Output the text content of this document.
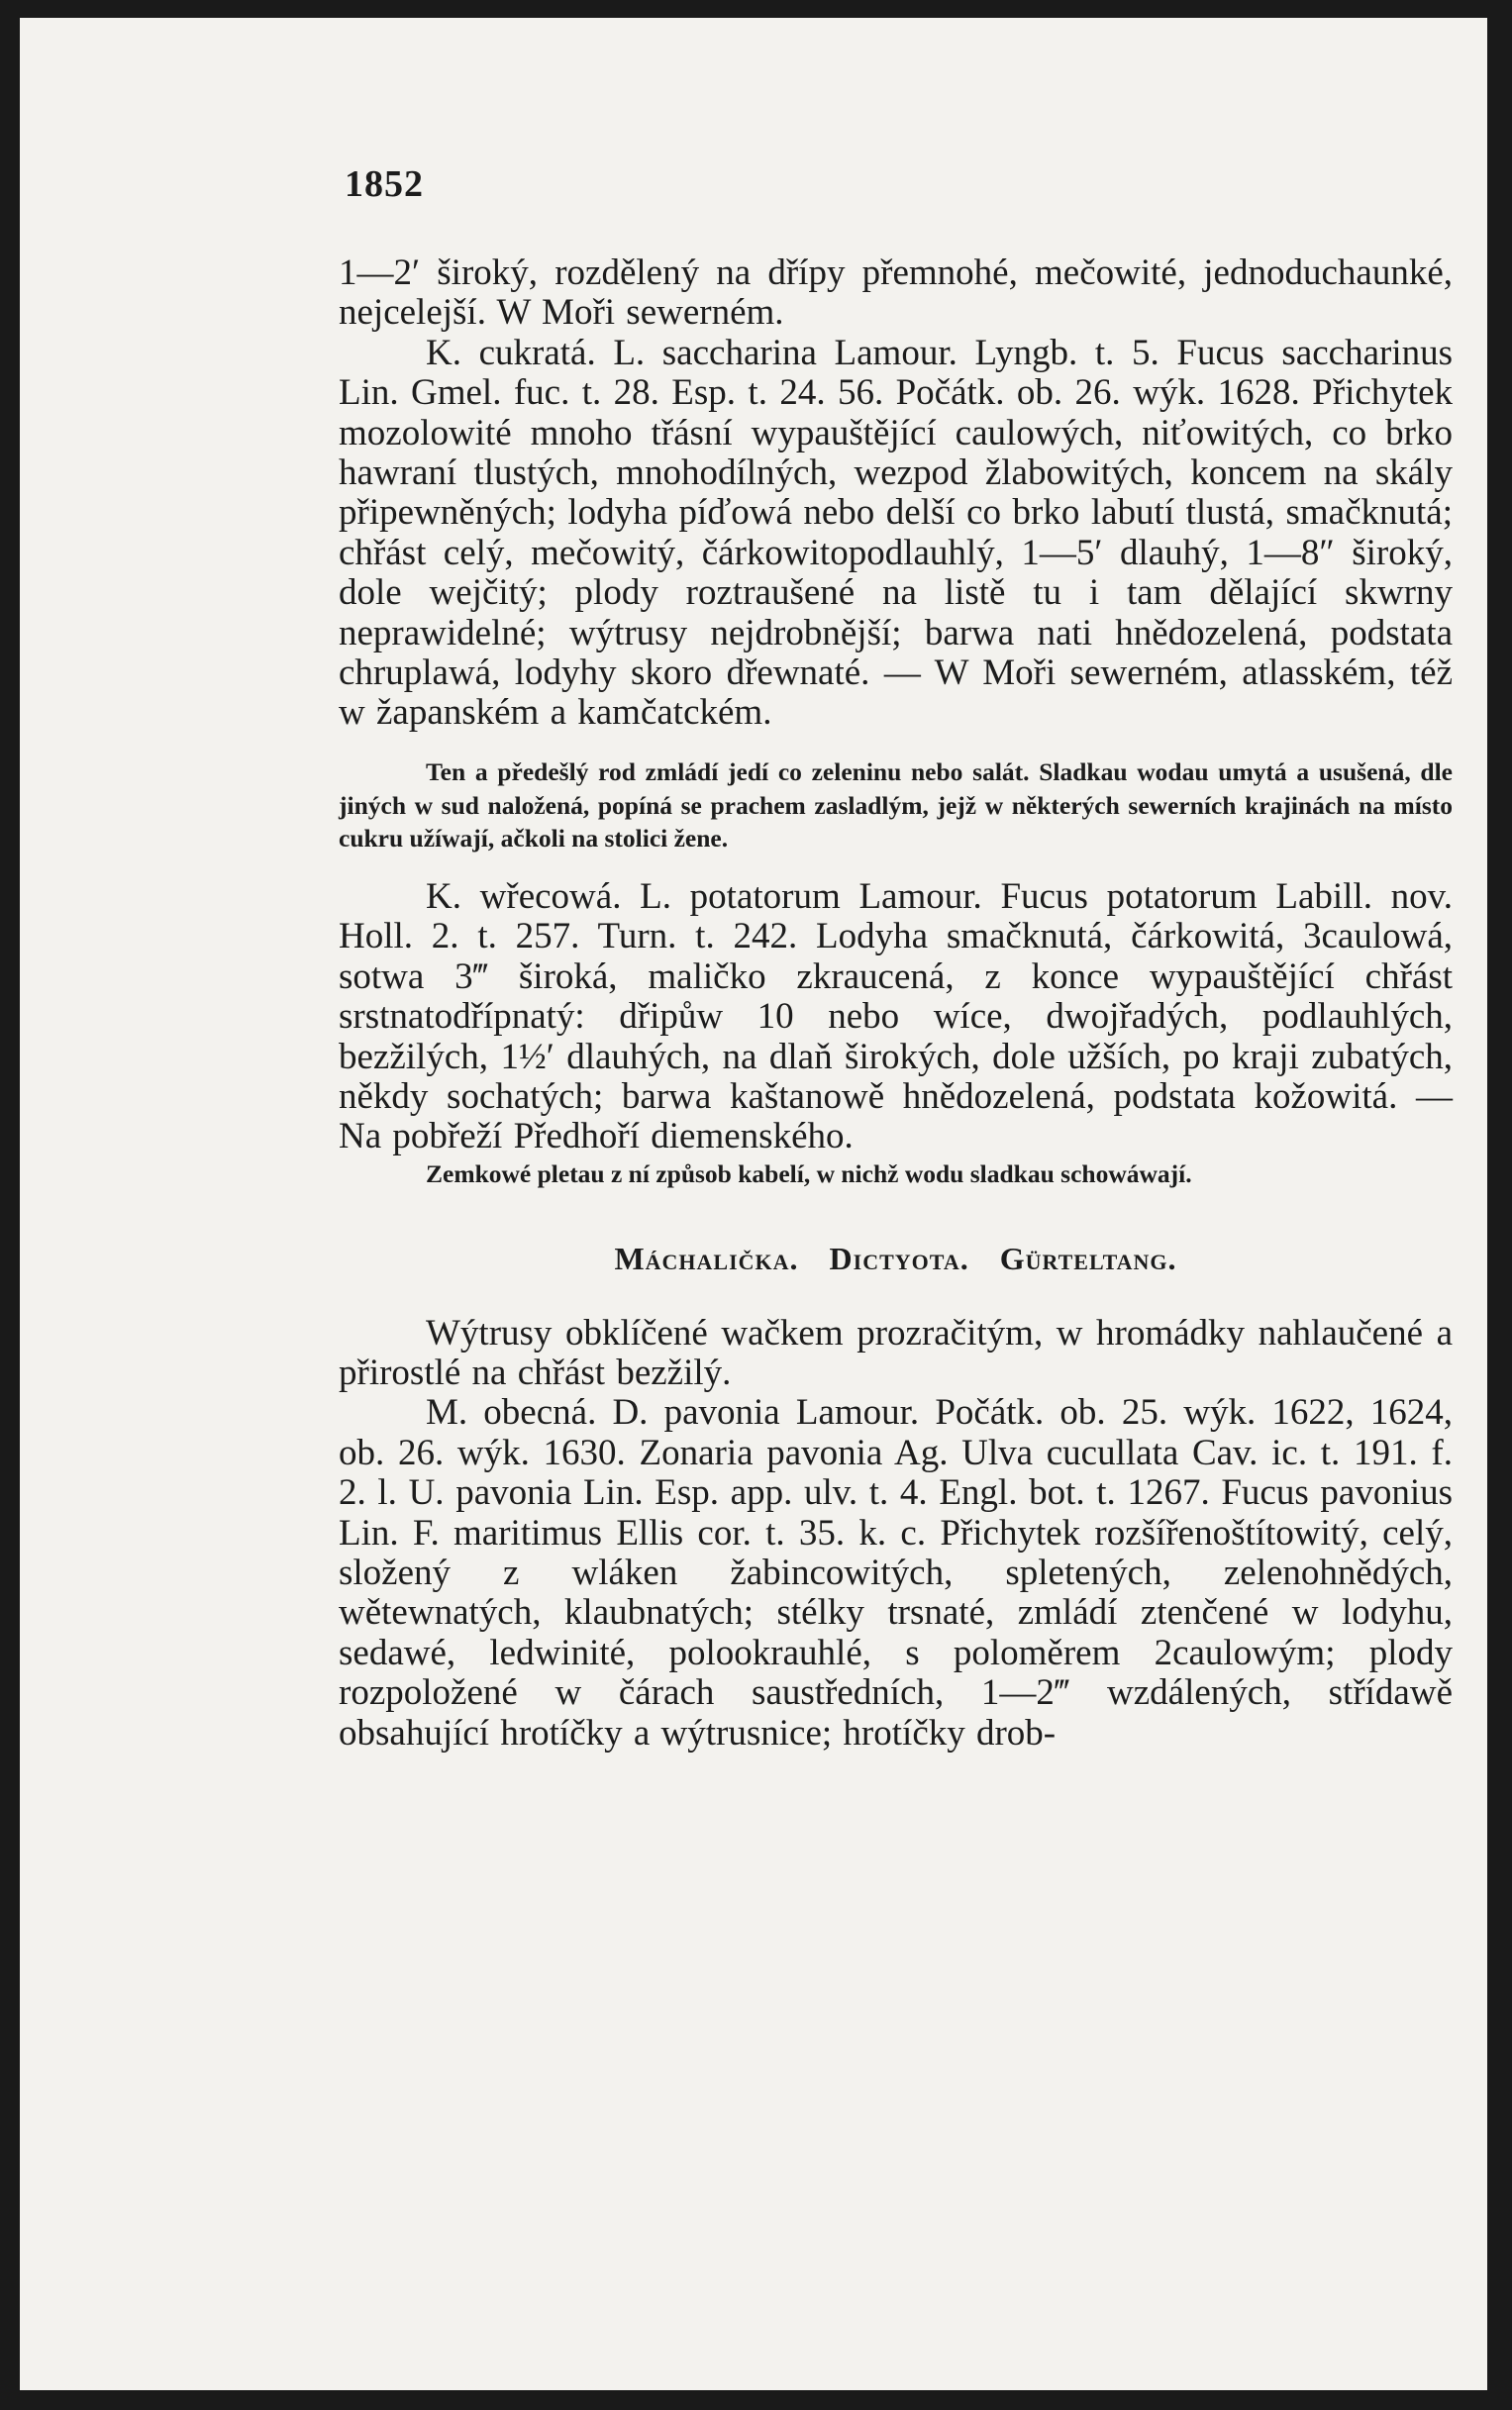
1852

1—2′ široký, rozdělený na dřípy přemnohé, mečowité, jednoduchaunké, nejcelejší. W Moři sewerném.

K. cukratá. L. saccharina Lamour. Lyngb. t. 5. Fucus saccharinus Lin. Gmel. fuc. t. 28. Esp. t. 24. 56. Počátk. ob. 26. wýk. 1628. Přichytek mozolowité mnoho třásní wypauštějící caulowých, niťowitých, co brko hawraní tlustých, mnohodílných, wezpod žlabowitých, koncem na skály připewněných; lodyha píďowá nebo delší co brko labutí tlustá, smačknutá; chřást celý, mečowitý, čárkowitopodlauhlý, 1—5′ dlauhý, 1—8″ široký, dole wejčitý; plody roztraušené na listě tu i tam dělající skwrny neprawidelné; wýtrusy nejdrobnější; barwa nati hnědozelená, podstata chruplawá, lodyhy skoro dřewnaté. — W Moři sewerném, atlasském, též w žapanském a kamčatckém.

Ten a předešlý rod zmládí jedí co zeleninu nebo salát. Sladkau wodau umytá a usušená, dle jiných w sud naložená, popíná se prachem zasladlým, jejž w některých sewerních krajinách na místo cukru užíwají, ačkoli na stolici žene.

K. wřecowá. L. potatorum Lamour. Fucus potatorum Labill. nov. Holl. 2. t. 257. Turn. t. 242. Lodyha smačknutá, čárkowitá, 3caulowá, sotwa 3‴ široká, maličko zkraucená, z konce wypauštějící chřást srstnatodřípnatý: dřipůw 10 nebo wíce, dwojřadých, podlauhlých, bezžilých, 1½′ dlauhých, na dlaň širokých, dole užších, po kraji zubatých, někdy sochatých; barwa kaštanowě hnědozelená, podstata kožowitá. — Na pobřeží Předhoří diemenského.

Zemkowé pletau z ní způsob kabelí, w nichž wodu sladkau schowáwají.

Máchalička. Dictyota. Gürteltang.

Wýtrusy obklíčené wačkem prozračitým, w hromádky nahlaučené a přirostlé na chřást bezžilý.

M. obecná. D. pavonia Lamour. Počátk. ob. 25. wýk. 1622, 1624, ob. 26. wýk. 1630. Zonaria pavonia Ag. Ulva cucullata Cav. ic. t. 191. f. 2. l. U. pavonia Lin. Esp. app. ulv. t. 4. Engl. bot. t. 1267. Fucus pavonius Lin. F. maritimus Ellis cor. t. 35. k. c. Přichytek rozšířenoštítowitý, celý, složený z wláken žabincowitých, spletených, zelenohnědých, wětewnatých, klaubnatých; stélky trsnaté, zmládí ztenčené w lodyhu, sedawé, ledwinité, polookrauhlé, s poloměrem 2caulowým; plody rozpoložené w čárach saustředních, 1—2‴ wzdálených, střídawě obsahující hrotíčky a wýtrusnice; hrotíčky drob-
